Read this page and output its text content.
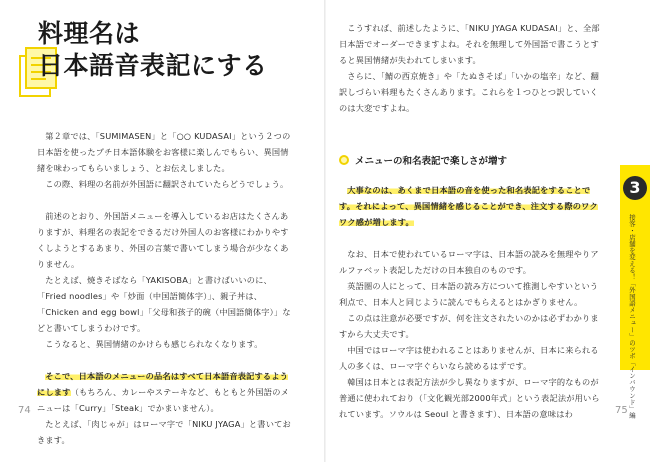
料理名は
日本語音表記にする

第２章では、「SUMIMASEN」と「○○ KUDASAI」という２つの日本語を使ったプチ日本語体験をお客様に楽しんでもらい、異国情緒を味わってもらいましょう、とお伝えしました。

この際、料理の名前が外国語に翻訳されていたらどうでしょう。

前述のとおり、外国語メニューを導入しているお店はたくさんありますが、料理名の表記をできるだけ外国人のお客様にわかりやすくしようとするあまり、外国の言葉で書いてしまう場合が少なくありません。

たとえば、焼きそばなら「YAKISOBA」と書けばいいのに、「Fried noodles」や「炒面（中国語簡体字）」、親子丼は、「Chicken and egg bowl」「父母和孩子的碗（中国語簡体字）」などと書いてしまうわけです。

こうなると、異国情緒のかけらも感じられなくなります。

そこで、日本語のメニューの品名はすべて日本語音表記するようにします（もちろん、カレーやステーキなど、もともと外国語のメニューは「Curry」「Steak」でかまいません）。

たとえば、「肉じゃが」はローマ字で「NIKU JYAGA」と書いておきます。

74

こうすれば、前述したように、「NIKU JYAGA KUDASAI」と、全部日本語でオーダーできますよね。それを無理して外国語で書こうとすると異国情緒が失われてしまいます。

さらに、「鯖の西京焼き」や「たぬきそば」「いかの塩辛」など、翻訳しづらい料理もたくさんあります。これらを１つひとつ訳していくのは大変ですよね。

メニューの和名表記で楽しさが増す

大事なのは、あくまで日本語の音を使った和名表記をすることです。それによって、異国情緒を感じることができ、注文する際のワクワク感が増します。

なお、日本で使われているローマ字は、日本語の読みを無理やりアルファベット表記しただけの日本独自のものです。

英語圏の人にとって、日本語の読み方について推測しやすいという利点で、日本人と同じように読んでもらえるとはかぎりません。

この点は注意が必要ですが、何を注文されたいのかは必ずわかりますから大丈夫です。

中国ではローマ字は使われることはありませんが、日本に来られる人の多くは、ローマ字ぐらいなら読めるはずです。

韓国は日本とは表記方法が少し異なりますが、ローマ字的なものが普通に使われており（「文化観光部2000年式」という表記法が用いられています。ソウルは Seoul と書きます）、日本語の意味はわ

3
接客・店舗を変える！「外国語メニュー」のツボ「インバウンド」編
75
